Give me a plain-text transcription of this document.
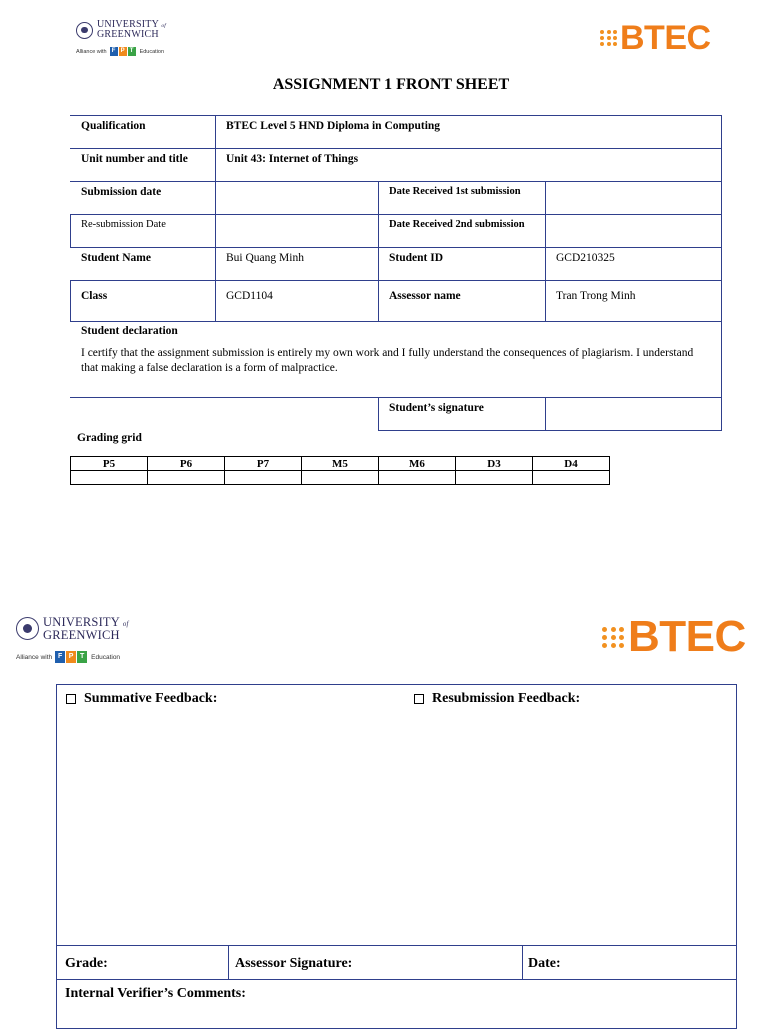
UNIVERSITY of
GREENWICH
Alliance with F P T	Education	BTEC
ASSIGNMENT 1 FRONT SHEET
Qualification	BTEC Level 5 HND Diploma in Computing		
Unit number and title	Unit 43: Internet of Things		
Submission date		Date Received 1st submission	
Re-submission Date		Date Received 2nd submission	
Student Name	Bui Quang Minh	Student ID	GCD210325
Class	GCD1104	Assessor name	Tran Trong Minh

Student declaration
I certify that the assignment submission is entirely my own work and I fully understand the consequences of plagiarism. I understand that making a false declaration is a form of malpractice.			

		Student’s signature	
Grading grid
P5	P6	P7	M5	M6	D3	D4

UNIVERSITY of
GREENWICH
Alliance with F P T	Education	BTEC
Summative Feedback:	Resubmission Feedback:
Grade:	Assessor Signature:	Date:
Internal Verifier’s Comments:
